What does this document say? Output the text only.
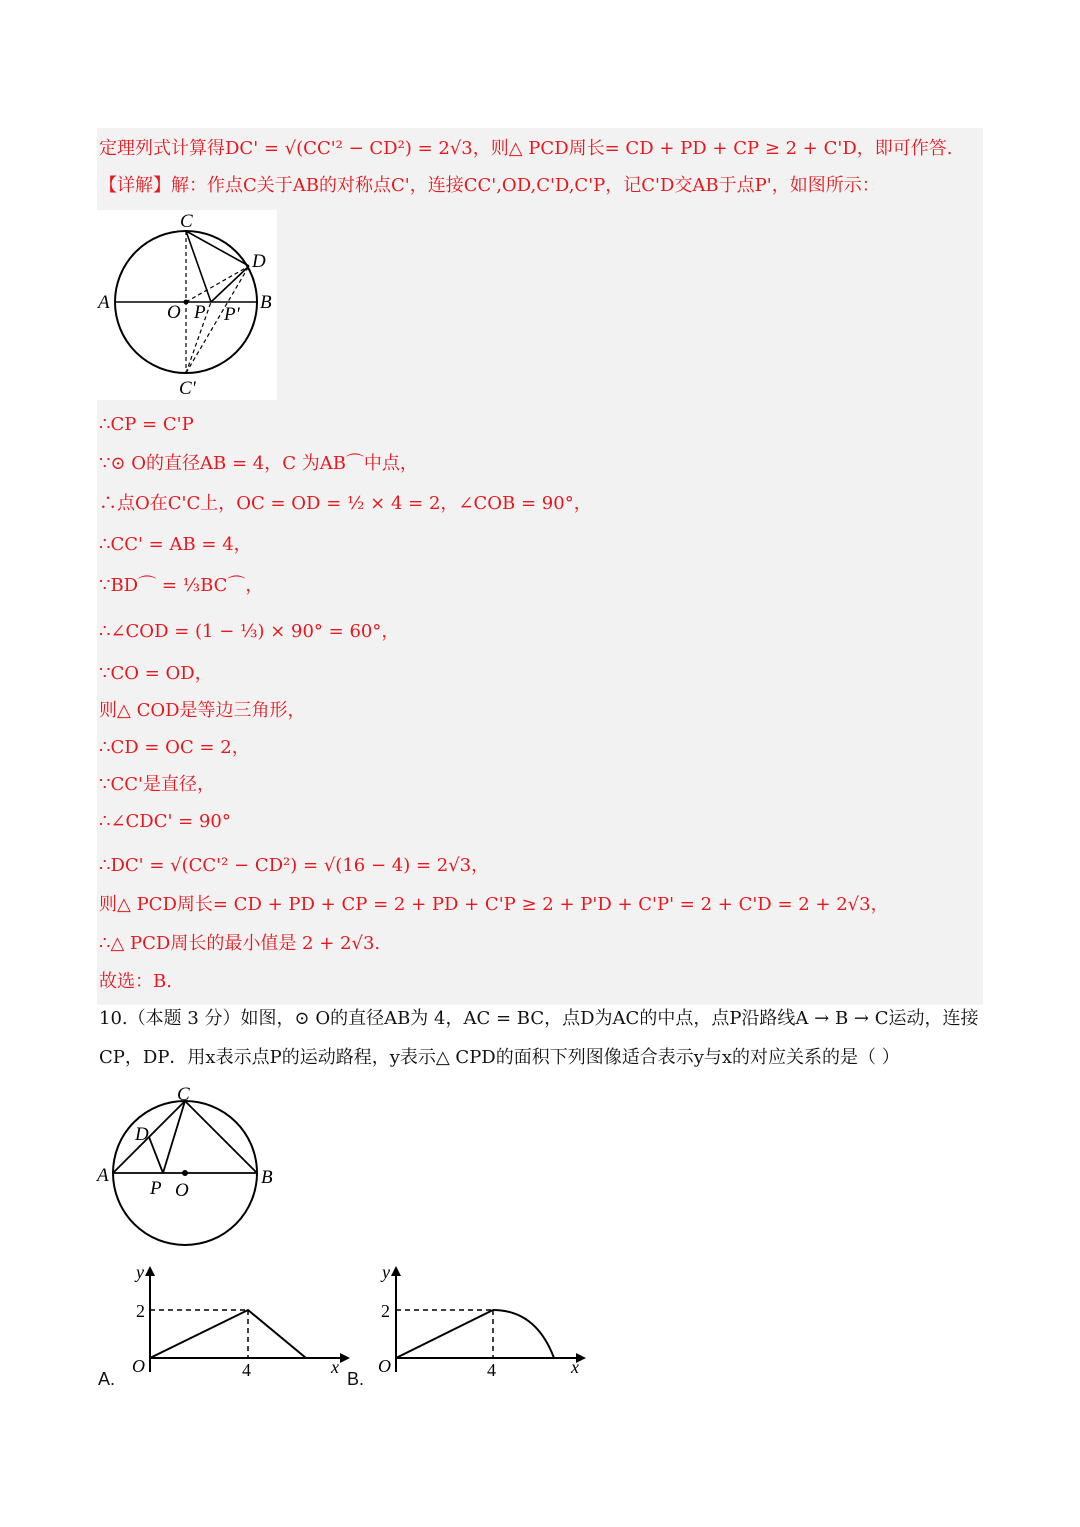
定理列式计算得DC' = √(CC'² − CD²) = 2√3，则△ PCD周长= CD + PD + CP ≥ 2 + C'D，即可作答.
【详解】解：作点C关于AB的对称点C'，连接CC',OD,C'D,C'P，记C'D交AB于点P'，如图所示：
C
D
A	B
O P P'
C'
∴CP = C'P
∵⊙ O的直径AB = 4，C 为AB⌒中点，
∴点O在C'C上，OC = OD = ½ × 4 = 2，∠COB = 90°，
∴CC' = AB = 4，
∵BD⌒ = ⅓BC⌒，
∴∠COD = (1 − ⅓) × 90° = 60°，
∵CO = OD，
则△ COD是等边三角形，
∴CD = OC = 2，
∵CC'是直径，
∴∠CDC' = 90°
∴DC' = √(CC'² − CD²) = √(16 − 4) = 2√3，
则△ PCD周长= CD + PD + CP = 2 + PD + C'P ≥ 2 + P'D + C'P' = 2 + C'D = 2 + 2√3，
∴△ PCD周长的最小值是 2 + 2√3.
故选：B.
10.（本题 3 分）如图，⊙ O的直径AB为 4，AC = BC，点D为AC的中点，点P沿路线A → B → C运动，连接
CP，DP．用x表示点P的运动路程，y表示△ CPD的面积下列图像适合表示y与x的对应关系的是（ ）
C
D
A	B
P O
A.
y
2
O	4	x
B.
y
2
O	4	x
